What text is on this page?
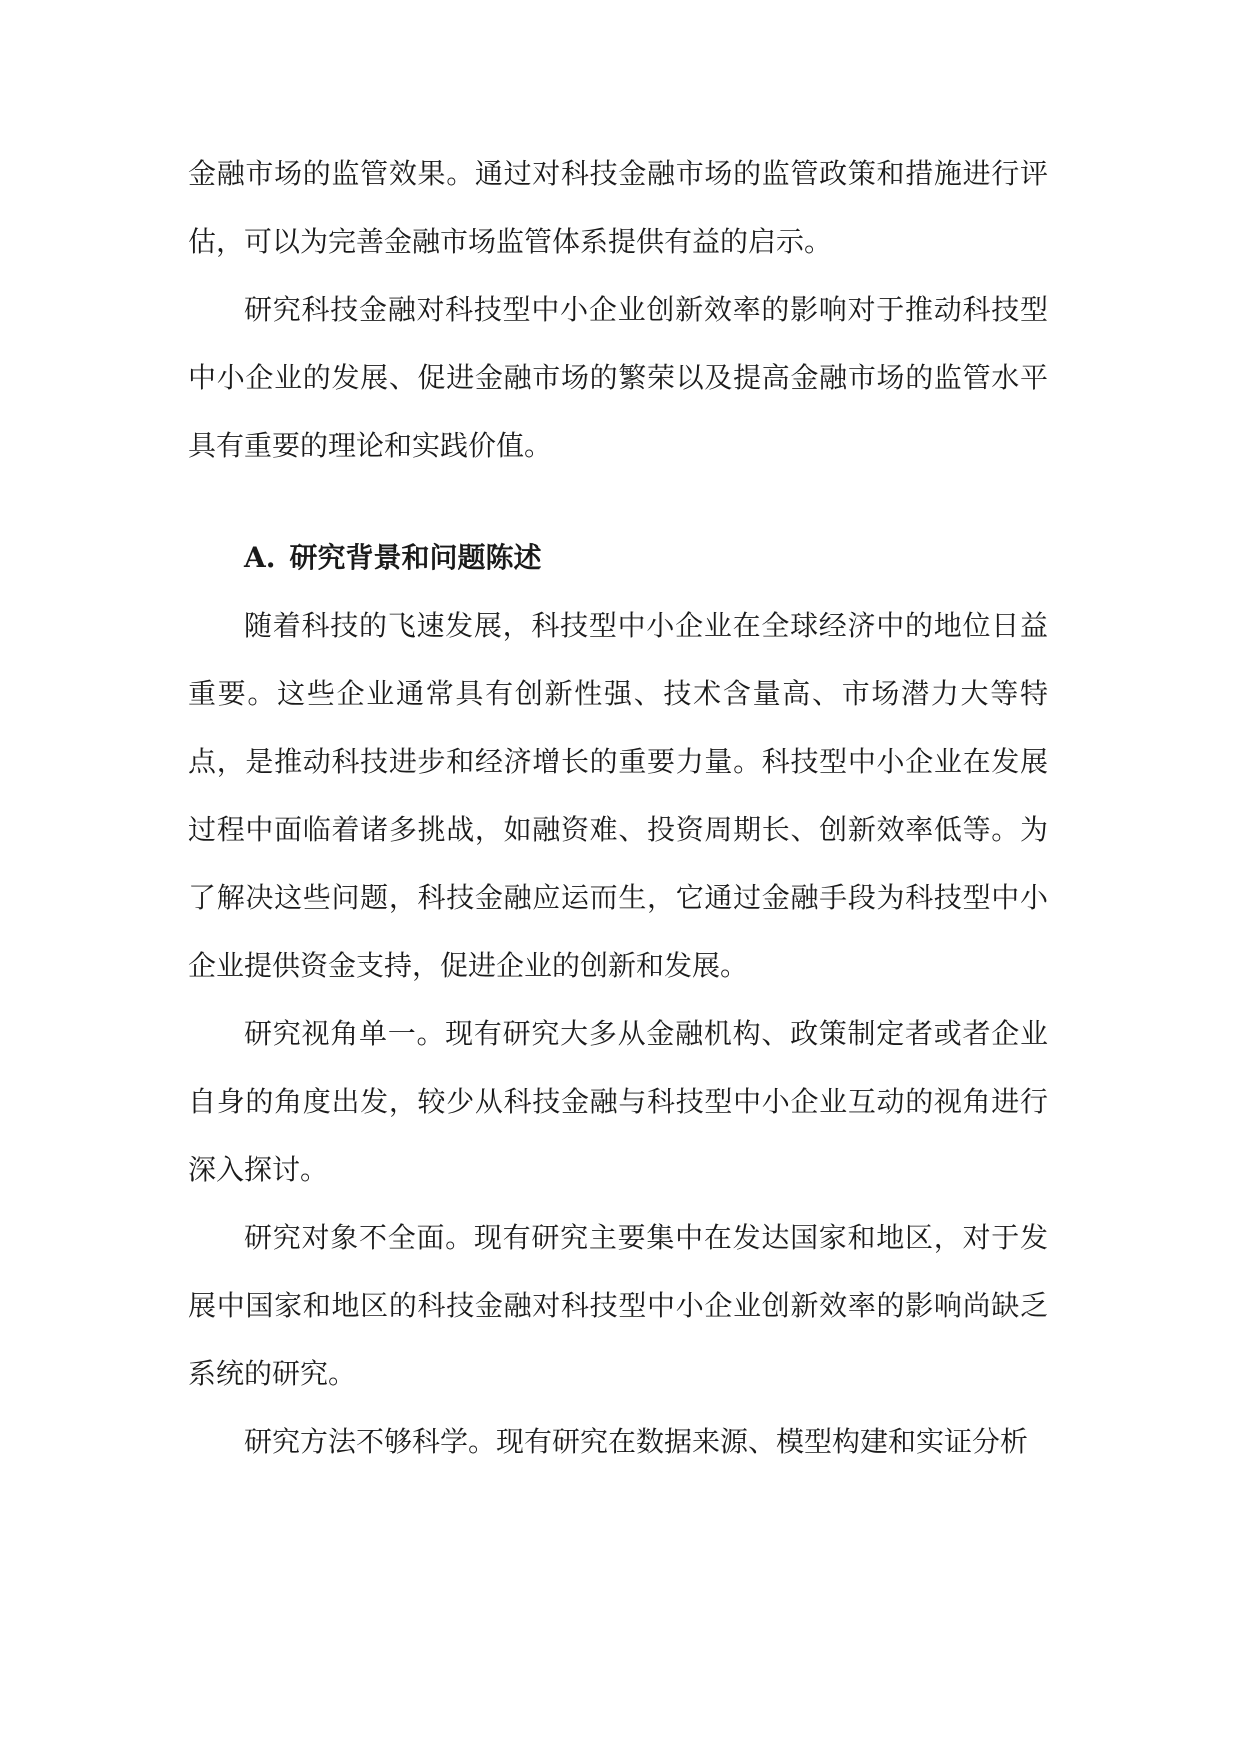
金融市场的监管效果。通过对科技金融市场的监管政策和措施进行评估，可以为完善金融市场监管体系提供有益的启示。

研究科技金融对科技型中小企业创新效率的影响对于推动科技型中小企业的发展、促进金融市场的繁荣以及提高金融市场的监管水平具有重要的理论和实践价值。

A. 研究背景和问题陈述

随着科技的飞速发展，科技型中小企业在全球经济中的地位日益重要。这些企业通常具有创新性强、技术含量高、市场潜力大等特点，是推动科技进步和经济增长的重要力量。科技型中小企业在发展过程中面临着诸多挑战，如融资难、投资周期长、创新效率低等。为了解决这些问题，科技金融应运而生，它通过金融手段为科技型中小企业提供资金支持，促进企业的创新和发展。

研究视角单一。现有研究大多从金融机构、政策制定者或者企业自身的角度出发，较少从科技金融与科技型中小企业互动的视角进行深入探讨。

研究对象不全面。现有研究主要集中在发达国家和地区，对于发展中国家和地区的科技金融对科技型中小企业创新效率的影响尚缺乏系统的研究。

研究方法不够科学。现有研究在数据来源、模型构建和实证分析
